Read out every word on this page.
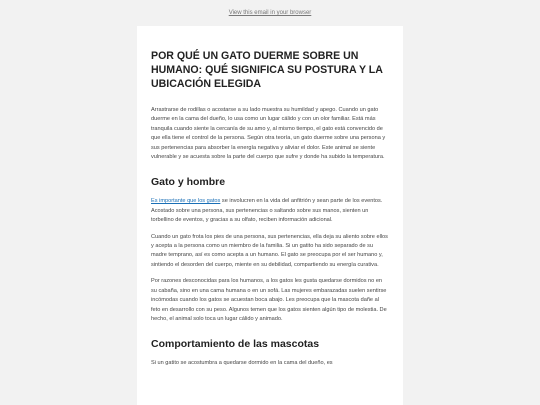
View this email in your browser
POR QUÉ UN GATO DUERME SOBRE UN HUMANO: QUÉ SIGNIFICA SU POSTURA Y LA UBICACIÓN ELEGIDA

Arrastrarse de rodillas o acostarse a su lado muestra su humildad y apego. Cuando un gato duerme en la cama del dueño, lo usa como un lugar cálido y con un olor familiar. Está más tranquila cuando siente la cercanía de su amo y, al mismo tiempo, el gato está convencido de que ella tiene el control de la persona. Según otra teoría, un gato duerme sobre una persona y sus pertenencias para absorber la energía negativa y aliviar el dolor. Este animal se siente vulnerable y se acuesta sobre la parte del cuerpo que sufre y donde ha subido la temperatura.

Gato y hombre

Es importante que los gatos se involucren en la vida del anfitrión y sean parte de los eventos. Acostado sobre una persona, sus pertenencias o saltando sobre sus manos, sienten un torbellino de eventos, y gracias a su olfato, reciben información adicional.

Cuando un gato frota los pies de una persona, sus pertenencias, ella deja su aliento sobre ellos y acepta a la persona como un miembro de la familia. Si un gatito ha sido separado de su madre temprano, así es como acepta a un humano. El gato se preocupa por el ser humano y, sintiendo el desorden del cuerpo, miente en su debilidad, compartiendo su energía curativa.

Por razones desconocidas para los humanos, a los gatos les gusta quedarse dormidos no en su cabaña, sino en una cama humana o en un sofá. Las mujeres embarazadas suelen sentirse incómodas cuando los gatos se acuestan boca abajo. Les preocupa que la mascota dañe al feto en desarrollo con su peso. Algunos temen que los gatos sienten algún tipo de molestia. De hecho, el animal solo toca un lugar cálido y animado.

Comportamiento de las mascotas

Si un gatito se acostumbra a quedarse dormido en la cama del dueño, es
